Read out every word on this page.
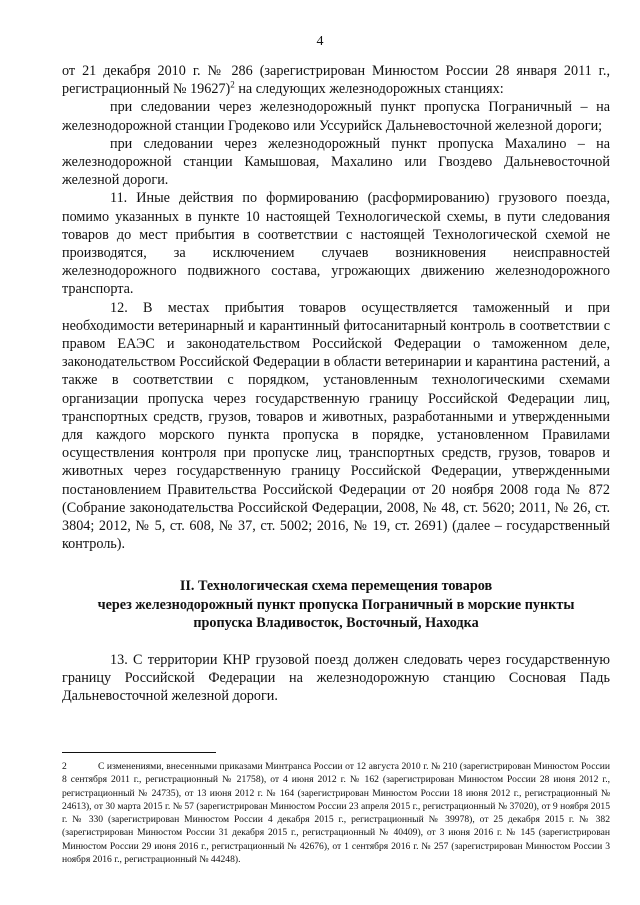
4

от 21 декабря 2010 г. № 286 (зарегистрирован Минюстом России 28 января 2011 г., регистрационный № 19627)$^2$ на следующих железнодорожных станциях:

при следовании через железнодорожный пункт пропуска Пограничный – на железнодорожной станции Гродеково или Уссурийск Дальневосточной железной дороги;

при следовании через железнодорожный пункт пропуска Махалино – на железнодорожной станции Камышовая, Махалино или Гвоздево Дальневосточной железной дороги.

11. Иные действия по формированию (расформированию) грузового поезда, помимо указанных в пункте 10 настоящей Технологической схемы, в пути следования товаров до мест прибытия в соответствии с настоящей Технологической схемой не производятся, за исключением случаев возникновения неисправностей железнодорожного подвижного состава, угрожающих движению железнодорожного транспорта.

12. В местах прибытия товаров осуществляется таможенный и при необходимости ветеринарный и карантинный фитосанитарный контроль в соответствии с правом ЕАЭС и законодательством Российской Федерации о таможенном деле, законодательством Российской Федерации в области ветеринарии и карантина растений, а также в соответствии с порядком, установленным технологическими схемами организации пропуска через государственную границу Российской Федерации лиц, транспортных средств, грузов, товаров и животных, разработанными и утвержденными для каждого морского пункта пропуска в порядке, установленном Правилами осуществления контроля при пропуске лиц, транспортных средств, грузов, товаров и животных через государственную границу Российской Федерации, утвержденными постановлением Правительства Российской Федерации от 20 ноября 2008 года № 872 (Собрание законодательства Российской Федерации, 2008, № 48, ст. 5620; 2011, № 26, ст. 3804; 2012, № 5, ст. 608, № 37, ст. 5002; 2016, № 19, ст. 2691) (далее – государственный контроль).

II. Технологическая схема перемещения товаров
через железнодорожный пункт пропуска Пограничный в морские пункты
пропуска Владивосток, Восточный, Находка

13. С территории КНР грузовой поезд должен следовать через государственную границу Российской Федерации на железнодорожную станцию Сосновая Падь Дальневосточной железной дороги.

2	С изменениями, внесенными приказами Минтранса России от 12 августа 2010 г. № 210 (зарегистрирован Минюстом России 8 сентября 2011 г., регистрационный № 21758), от 4 июня 2012 г. № 162 (зарегистрирован Минюстом России 28 июня 2012 г., регистрационный № 24735), от 13 июня 2012 г. № 164 (зарегистрирован Минюстом России 18 июня 2012 г., регистрационный № 24613), от 30 марта 2015 г. № 57 (зарегистрирован Минюстом России 23 апреля 2015 г., регистрационный № 37020), от 9 ноября 2015 г. № 330 (зарегистрирован Минюстом России 4 декабря 2015 г., регистрационный № 39978), от 25 декабря 2015 г. № 382 (зарегистрирован Минюстом России 31 декабря 2015 г., регистрационный № 40409), от 3 июня 2016 г. № 145 (зарегистрирован Минюстом России 29 июня 2016 г., регистрационный № 42676), от 1 сентября 2016 г. № 257 (зарегистрирован Минюстом России 3 ноября 2016 г., регистрационный № 44248).
